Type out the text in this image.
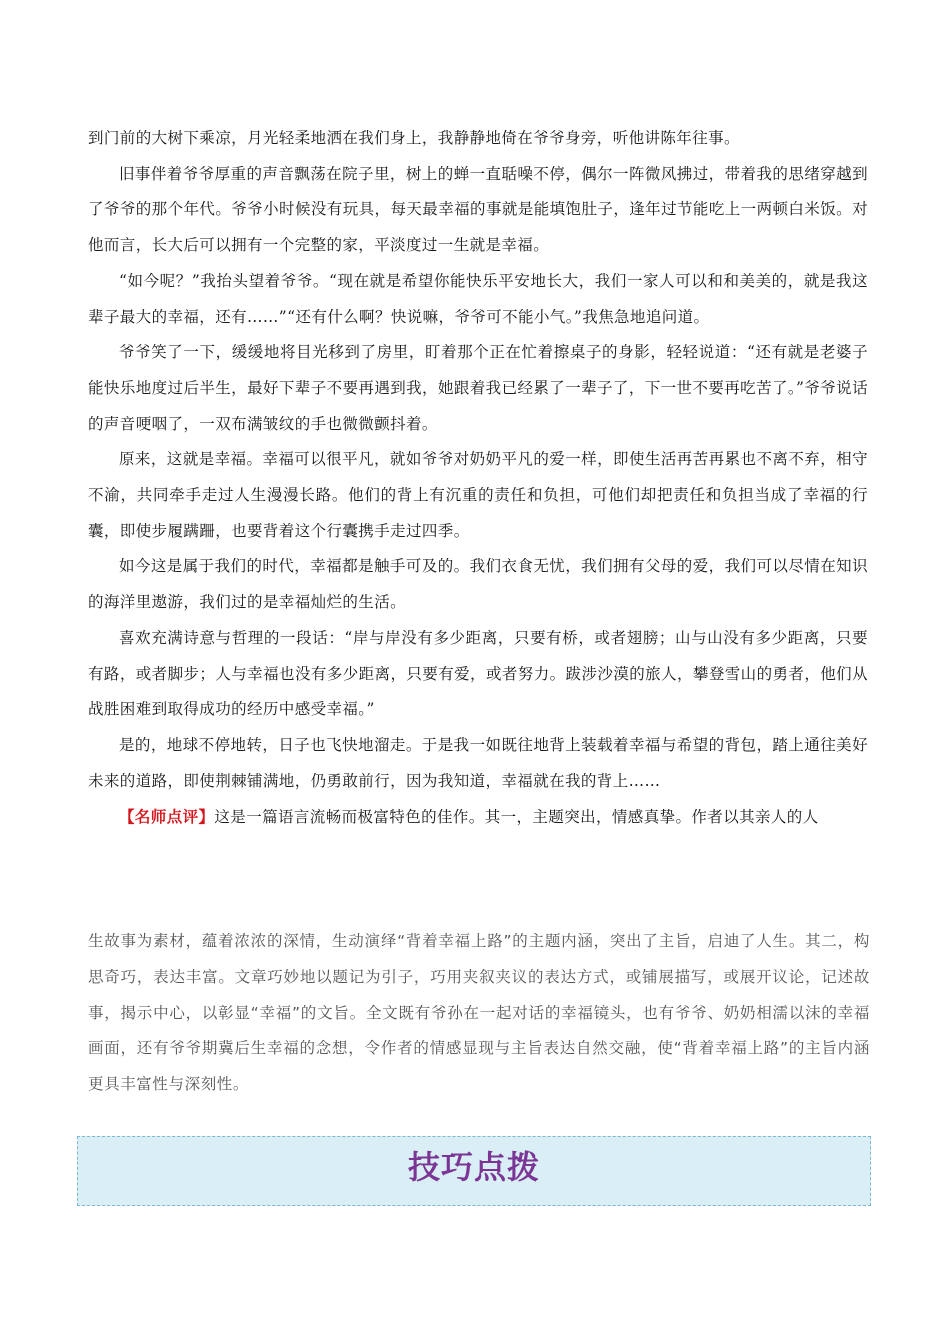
到门前的大树下乘凉，月光轻柔地洒在我们身上，我静静地倚在爷爷身旁，听他讲陈年往事。

旧事伴着爷爷厚重的声音飘荡在院子里，树上的蝉一直聒噪不停，偶尔一阵微风拂过，带着我的思绪穿越到了爷爷的那个年代。爷爷小时候没有玩具，每天最幸福的事就是能填饱肚子，逢年过节能吃上一两顿白米饭。对他而言，长大后可以拥有一个完整的家，平淡度过一生就是幸福。

“如今呢？”我抬头望着爷爷。“现在就是希望你能快乐平安地长大，我们一家人可以和和美美的，就是我这辈子最大的幸福，还有……”“还有什么啊？快说嘛，爷爷可不能小气。”我焦急地追问道。

爷爷笑了一下，缓缓地将目光移到了房里，盯着那个正在忙着擦桌子的身影，轻轻说道：“还有就是老婆子能快乐地度过后半生，最好下辈子不要再遇到我，她跟着我已经累了一辈子了，下一世不要再吃苦了。”爷爷说话的声音哽咽了，一双布满皱纹的手也微微颤抖着。

原来，这就是幸福。幸福可以很平凡，就如爷爷对奶奶平凡的爱一样，即使生活再苦再累也不离不弃，相守不渝，共同牵手走过人生漫漫长路。他们的背上有沉重的责任和负担，可他们却把责任和负担当成了幸福的行囊，即使步履蹒跚，也要背着这个行囊携手走过四季。

如今这是属于我们的时代，幸福都是触手可及的。我们衣食无忧，我们拥有父母的爱，我们可以尽情在知识的海洋里遨游，我们过的是幸福灿烂的生活。

喜欢充满诗意与哲理的一段话：“岸与岸没有多少距离，只要有桥，或者翅膀；山与山没有多少距离，只要有路，或者脚步；人与幸福也没有多少距离，只要有爱，或者努力。跋涉沙漠的旅人，攀登雪山的勇者，他们从战胜困难到取得成功的经历中感受幸福。”

是的，地球不停地转，日子也飞快地溜走。于是我一如既往地背上装载着幸福与希望的背包，踏上通往美好未来的道路，即使荆棘铺满地，仍勇敢前行，因为我知道，幸福就在我的背上……

【名师点评】这是一篇语言流畅而极富特色的佳作。其一，主题突出，情感真挚。作者以其亲人的人

生故事为素材，蕴着浓浓的深情，生动演绎“背着幸福上路”的主题内涵，突出了主旨，启迪了人生。其二，构思奇巧，表达丰富。文章巧妙地以题记为引子，巧用夹叙夹议的表达方式，或铺展描写，或展开议论，记述故事，揭示中心，以彰显“幸福”的文旨。全文既有爷孙在一起对话的幸福镜头，也有爷爷、奶奶相濡以沫的幸福画面，还有爷爷期冀后生幸福的念想，令作者的情感显现与主旨表达自然交融，使“背着幸福上路”的主旨内涵更具丰富性与深刻性。

技巧点拨
